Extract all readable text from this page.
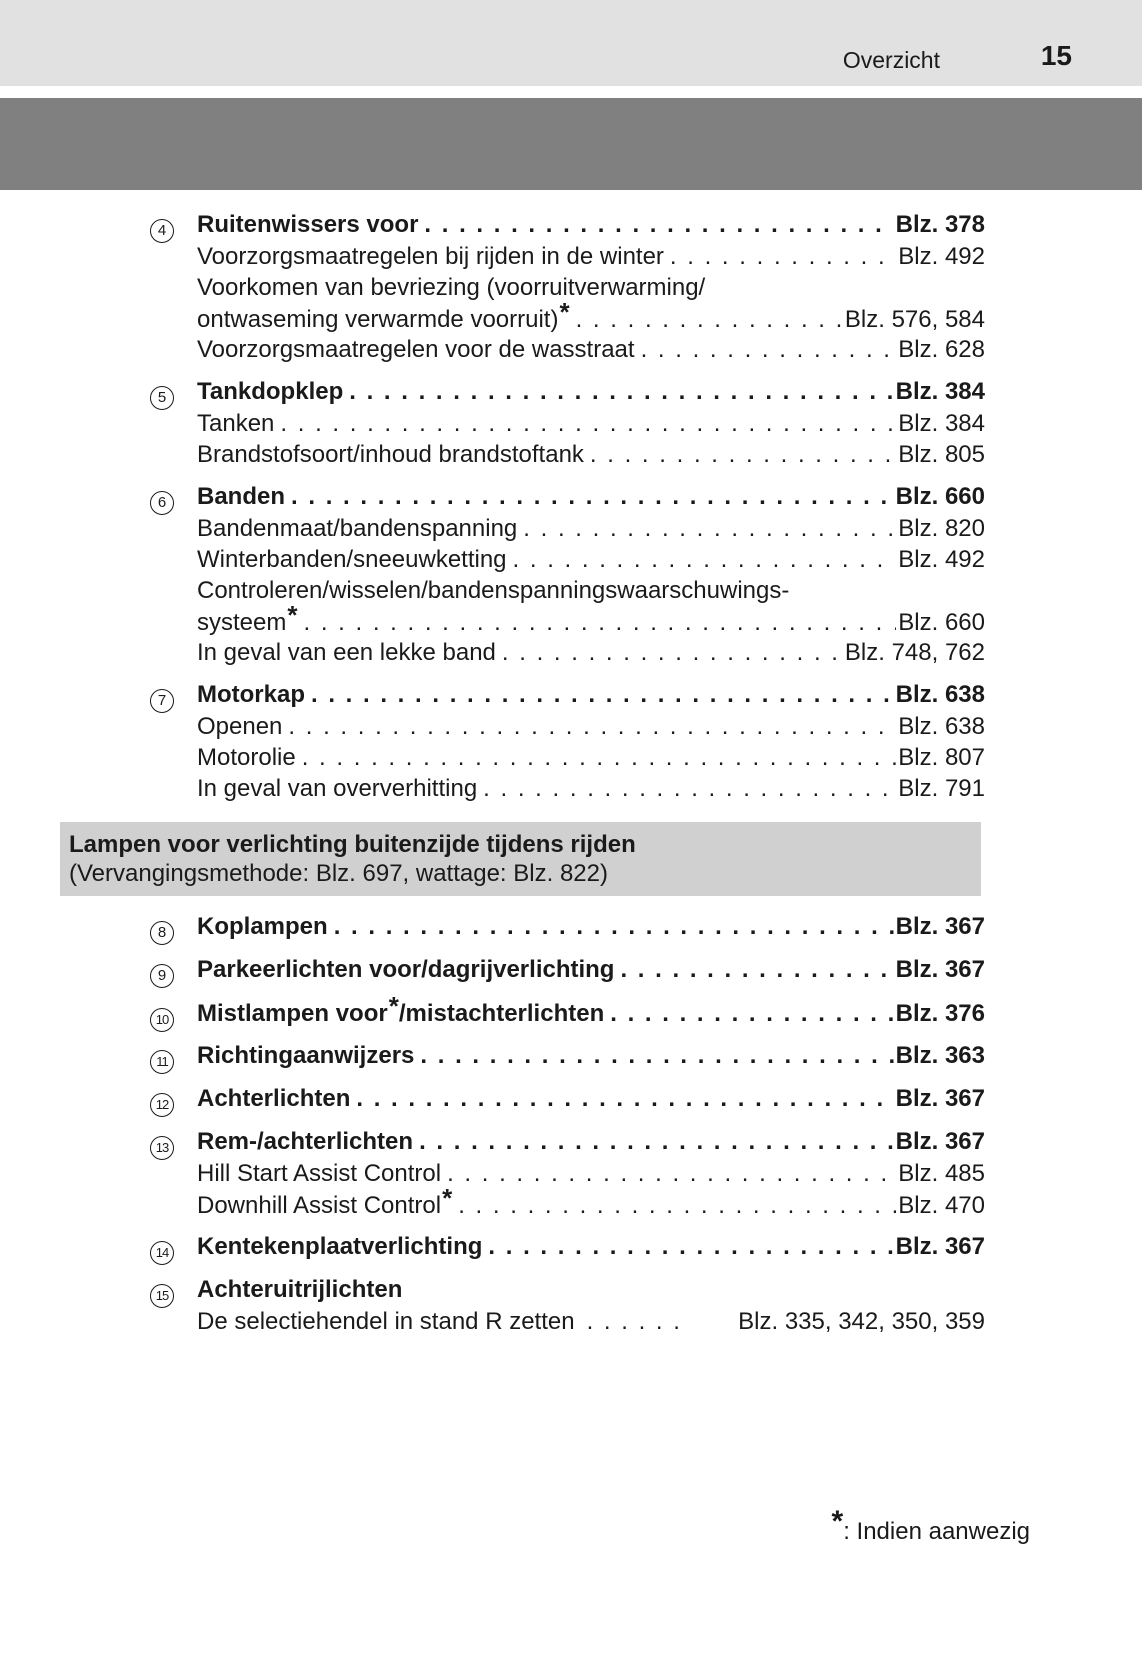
Overzicht	15
4	Ruitenwissers voor . . .	Blz. 378
Voorzorgsmaatregelen bij rijden in de winter . . .	Blz. 492
Voorkomen van bevriezing (voorruitverwarming/
ontwaseming verwarmde voorruit)* . . .	Blz. 576, 584
Voorzorgsmaatregelen voor de wasstraat . . .	Blz. 628
5	Tankdopklep . . .	Blz. 384
Tanken . . .	Blz. 384
Brandstofsoort/inhoud brandstoftank . . .	Blz. 805
6	Banden . . .	Blz. 660
Bandenmaat/bandenspanning . . .	Blz. 820
Winterbanden/sneeuwketting . . .	Blz. 492
Controleren/wisselen/bandenspanningswaarschuwings-
systeem* . . .	Blz. 660
In geval van een lekke band . . .	Blz. 748, 762
7	Motorkap . . .	Blz. 638
Openen . . .	Blz. 638
Motorolie . . .	Blz. 807
In geval van oververhitting . . .	Blz. 791
Lampen voor verlichting buitenzijde tijdens rijden
(Vervangingsmethode: Blz. 697, wattage: Blz. 822)
8	Koplampen . . .	Blz. 367
9	Parkeerlichten voor/dagrijverlichting . . .	Blz. 367
10 Mistlampen voor*/mistachterlichten . . .	Blz. 376
11 Richtingaanwijzers . . .	Blz. 363
12 Achterlichten . . .	Blz. 367
13 Rem-/achterlichten . . .	Blz. 367
Hill Start Assist Control . . .	Blz. 485
Downhill Assist Control* . . .	Blz. 470
14 Kentekenplaatverlichting . . .	Blz. 367
15 Achteruitrijlichten
De selectiehendel in stand R zetten . . . . . . Blz. 335, 342, 350, 359
*: Indien aanwezig
